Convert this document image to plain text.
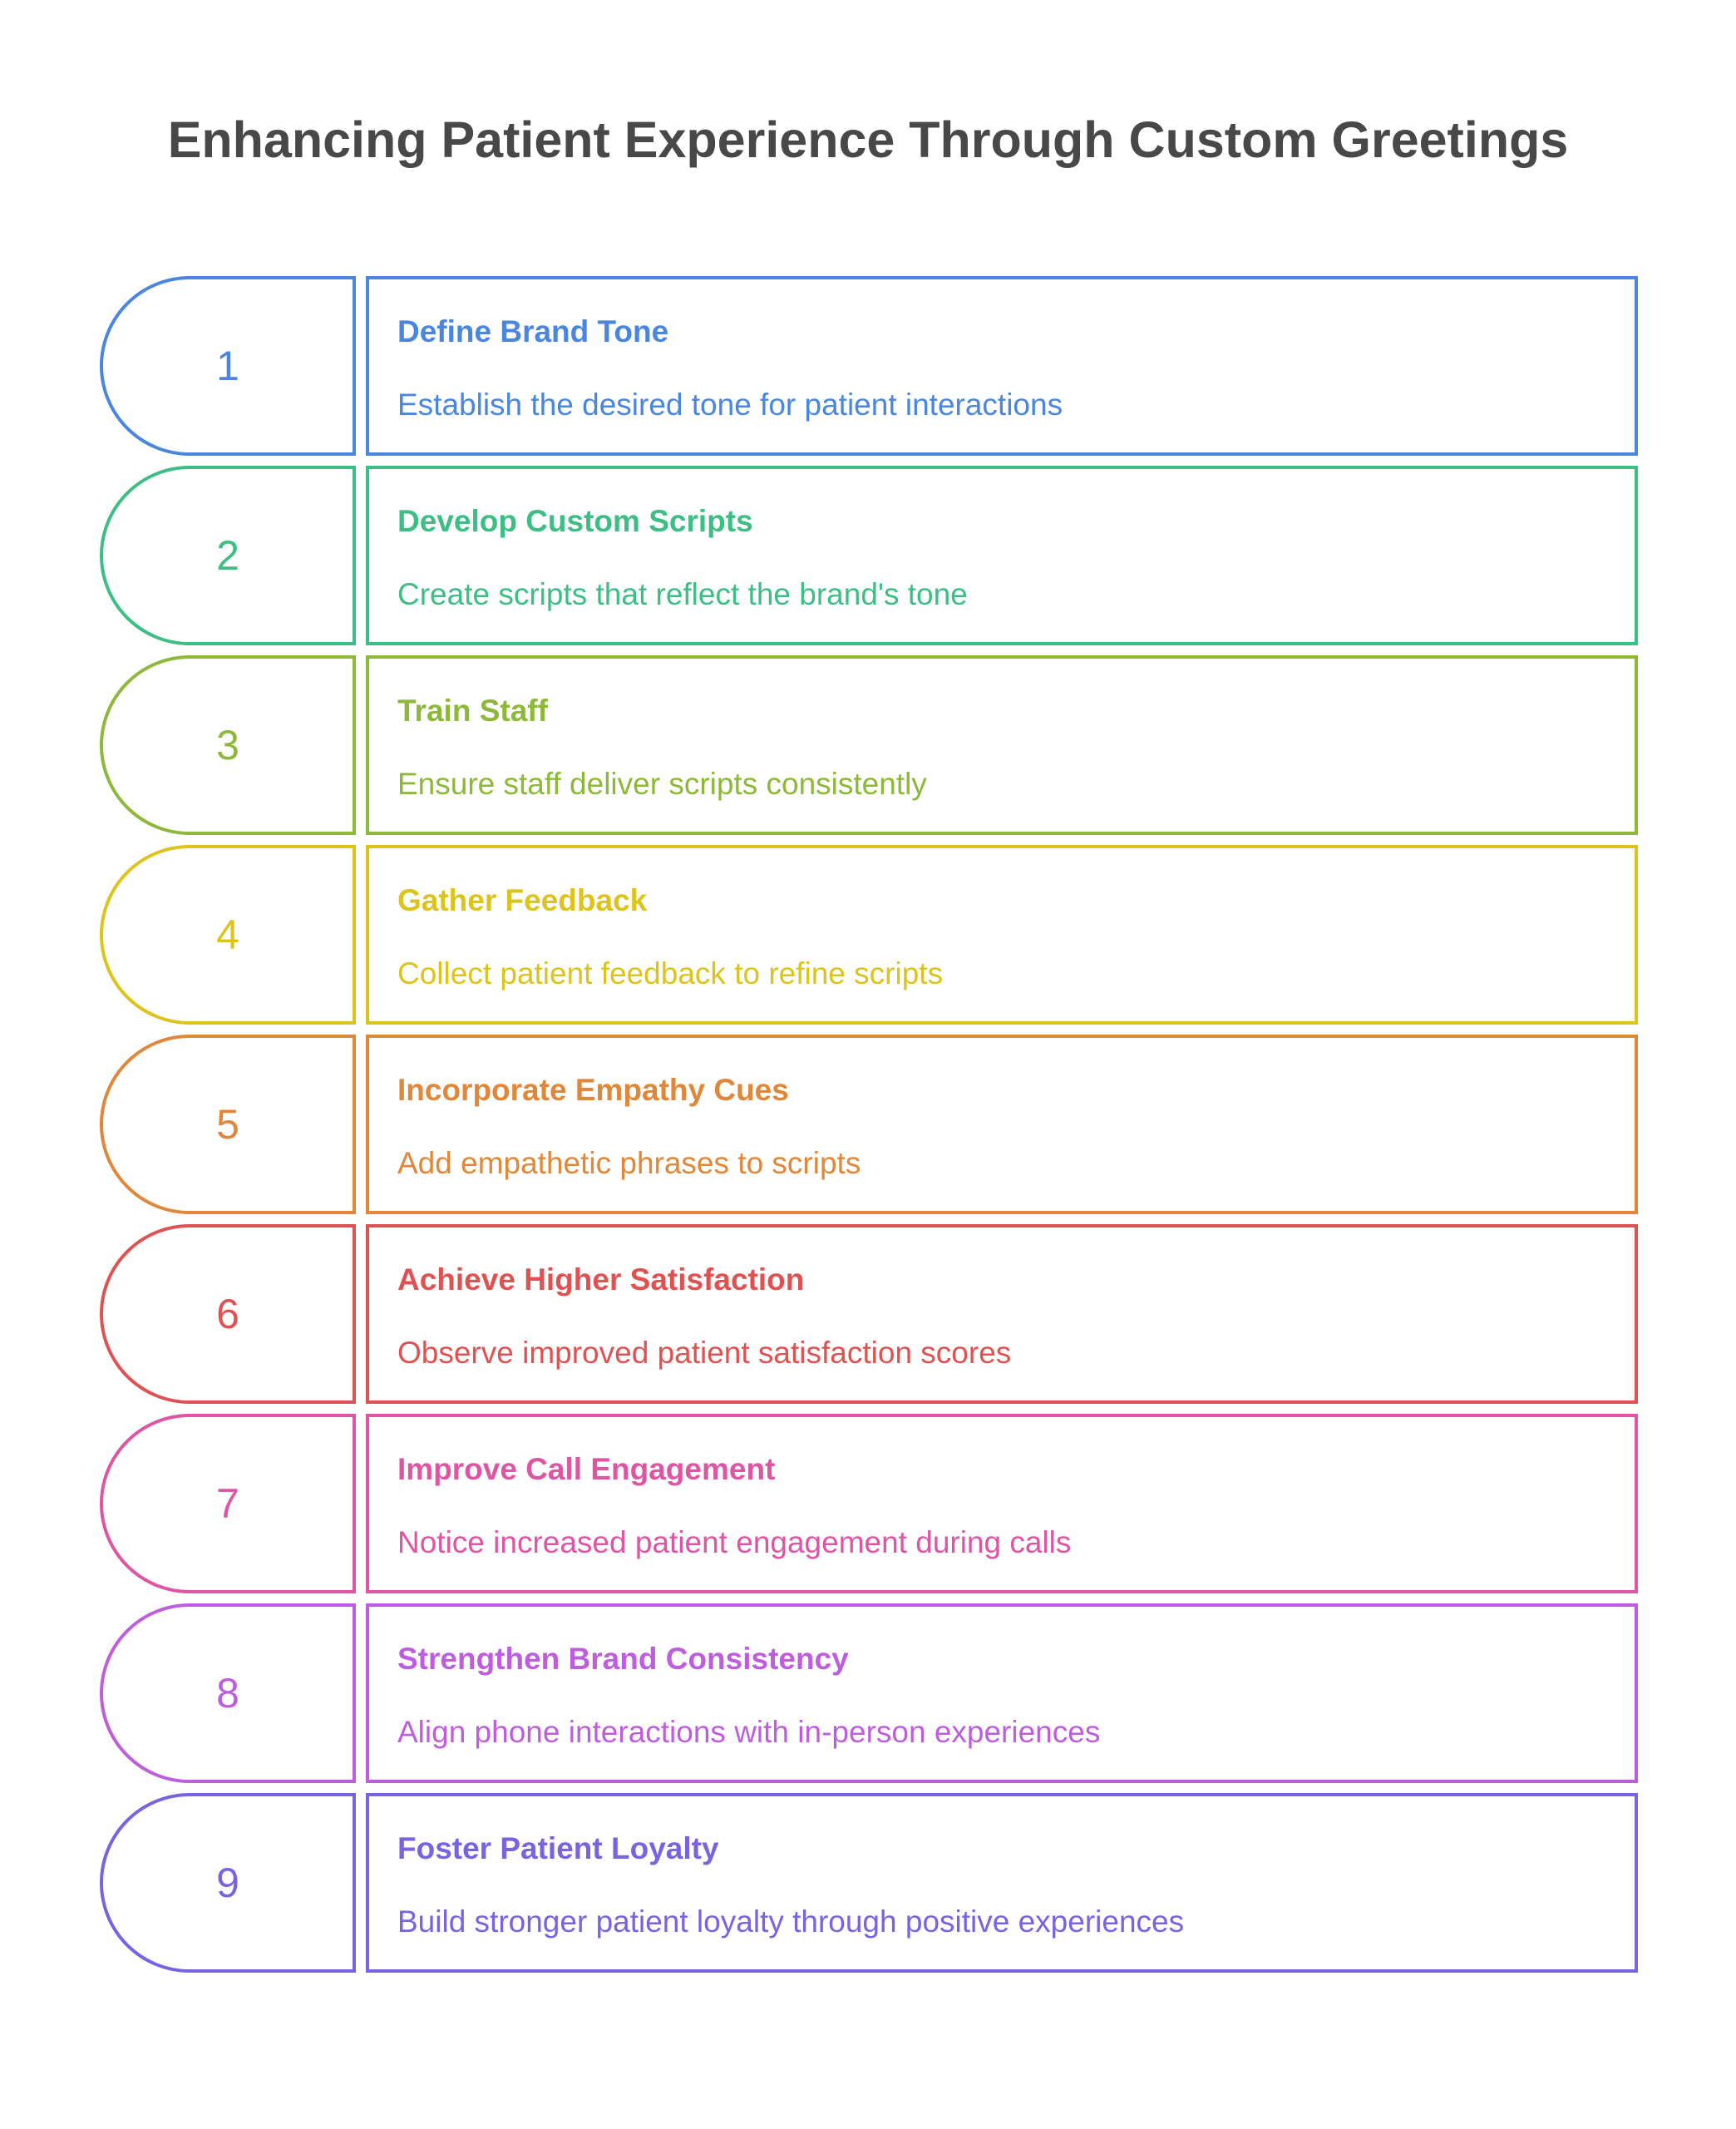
Enhancing Patient Experience Through Custom Greetings
1
Define Brand Tone
Establish the desired tone for patient interactions
2
Develop Custom Scripts
Create scripts that reflect the brand's tone
3
Train Staff
Ensure staff deliver scripts consistently
4
Gather Feedback
Collect patient feedback to refine scripts
5
Incorporate Empathy Cues
Add empathetic phrases to scripts
6
Achieve Higher Satisfaction
Observe improved patient satisfaction scores
7
Improve Call Engagement
Notice increased patient engagement during calls
8
Strengthen Brand Consistency
Align phone interactions with in-person experiences
9
Foster Patient Loyalty
Build stronger patient loyalty through positive experiences
